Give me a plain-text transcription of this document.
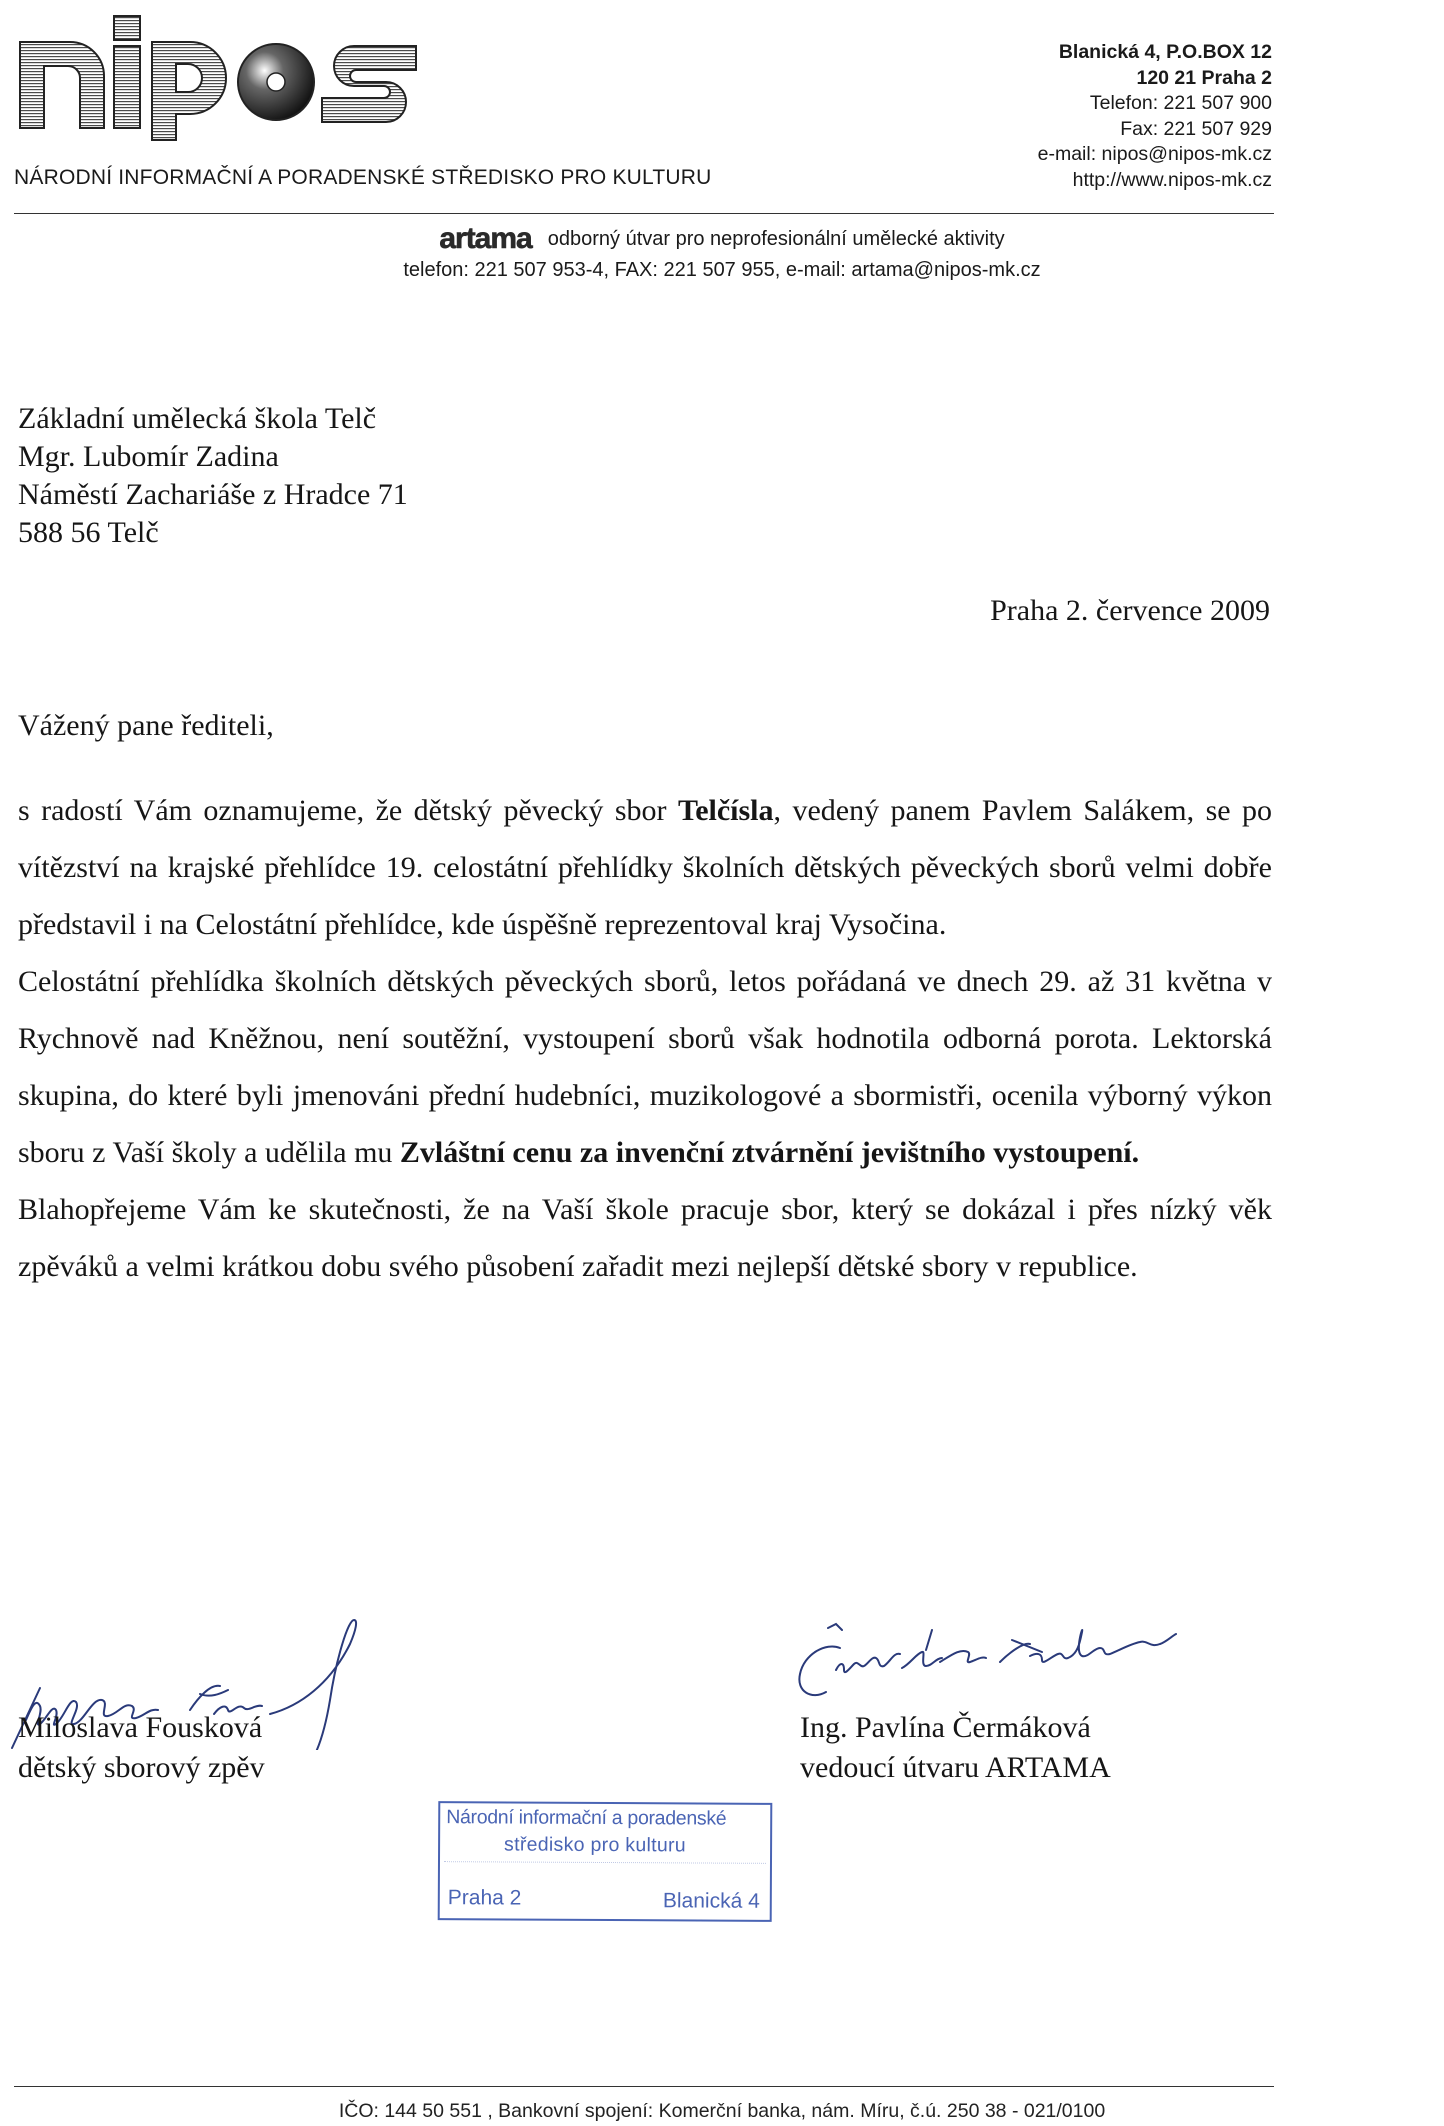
NÁRODNÍ INFORMAČNÍ A PORADENSKÉ STŘEDISKO PRO KULTURU
Blanická 4, P.O.BOX 12
120 21 Praha 2
Telefon: 221 507 900
Fax: 221 507 929
e-mail: nipos@nipos-mk.cz
http://www.nipos-mk.cz
artama odborný útvar pro neprofesionální umělecké aktivity
telefon: 221 507 953-4, FAX: 221 507 955, e-mail: artama@nipos-mk.cz
Základní umělecká škola Telč
Mgr. Lubomír Zadina
Náměstí Zachariáše z Hradce 71
588 56 Telč
Praha 2. července 2009
Vážený pane řediteli,

s radostí Vám oznamujeme, že dětský pěvecký sbor Telčísla, vedený panem Pavlem Salákem, se po vítězství na krajské přehlídce 19. celostátní přehlídky školních dětských pěveckých sborů velmi dobře představil i na Celostátní přehlídce, kde úspěšně reprezentoval kraj Vysočina.

Celostátní přehlídka školních dětských pěveckých sborů, letos pořádaná ve dnech 29. až 31 května v Rychnově nad Kněžnou, není soutěžní, vystoupení sborů však hodnotila odborná porota. Lektorská skupina, do které byli jmenováni přední hudebníci, muzikologové a sbormistři, ocenila výborný výkon sboru z Vaší školy a udělila mu Zvláštní cenu za invenční ztvárnění jevištního vystoupení.

Blahopřejeme Vám ke skutečnosti, že na Vaší škole pracuje sbor, který se dokázal i přes nízký věk zpěváků a velmi krátkou dobu svého působení zařadit mezi nejlepší dětské sbory v republice.

Miloslava Fousková
dětský sborový zpěv
Ing. Pavlína Čermáková
vedoucí útvaru ARTAMA
Národní informační a poradenské
středisko pro kulturu
Praha 2	Blanická 4
IČO: 144 50 551 , Bankovní spojení: Komerční banka, nám. Míru, č.ú. 250 38 - 021/0100
